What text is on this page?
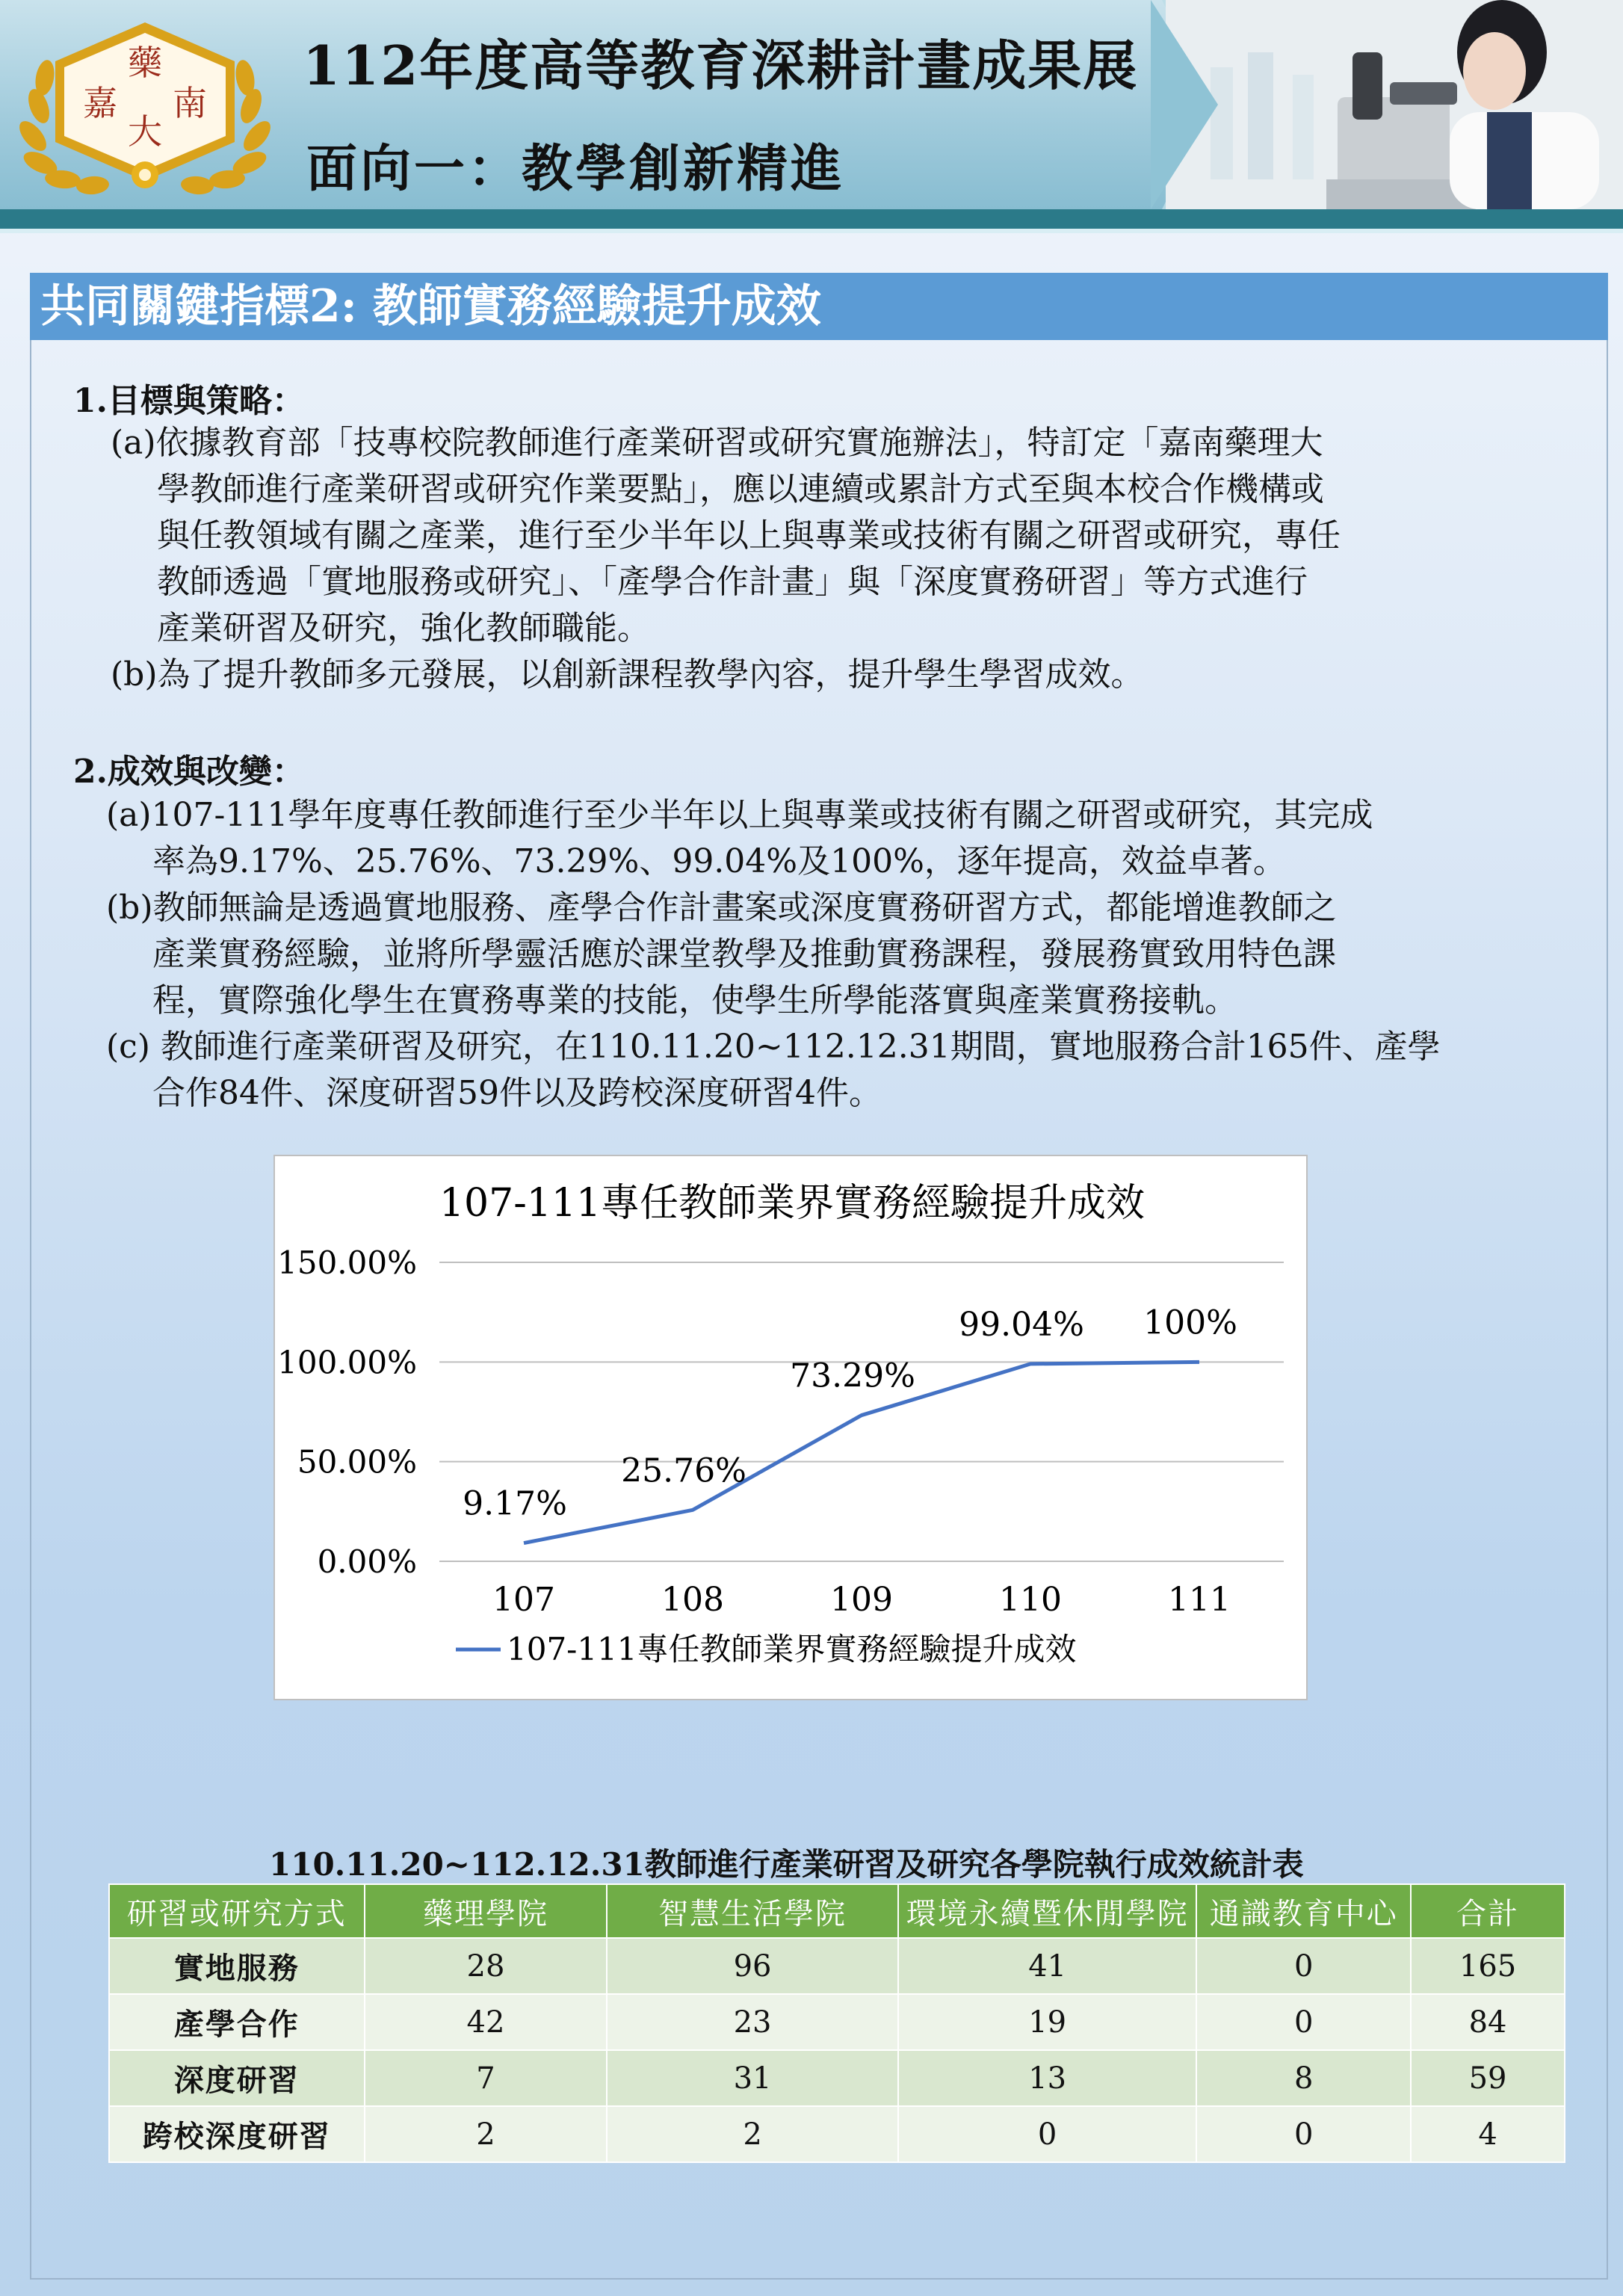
藥
嘉 南
大
112年度高等教育深耕計畫成果展
面向一：教學創新精進
共同關鍵指標2: 教師實務經驗提升成效
1.目標與策略：
(a)依據教育部「技專校院教師進行產業研習或研究實施辦法」，特訂定「嘉南藥理大
學教師進行產業研習或研究作業要點」，應以連續或累計方式至與本校合作機構或
與任教領域有關之產業，進行至少半年以上與專業或技術有關之研習或研究，專任
教師透過「實地服務或研究」、「產學合作計畫」與「深度實務研習」等方式進行
產業研習及研究，強化教師職能。
(b)為了提升教師多元發展，以創新課程教學內容，提升學生學習成效。
2.成效與改變：
(a)107-111學年度專任教師進行至少半年以上與專業或技術有關之研習或研究，其完成
率為9.17%、25.76%、73.29%、99.04%及100%，逐年提高，效益卓著。
(b)教師無論是透過實地服務、產學合作計畫案或深度實務研習方式，都能增進教師之
產業實務經驗，並將所學靈活應於課堂教學及推動實務課程，發展務實致用特色課
程，實際強化學生在實務專業的技能，使學生所學能落實與產業實務接軌。
(c) 教師進行產業研習及研究，在110.11.20~112.12.31期間，實地服務合計165件、產學
合作84件、深度研習59件以及跨校深度研習4件。
107-111專任教師業界實務經驗提升成效
0.00%
50.00%
100.00%
150.00%
107	108	109	110	111
9.17%
25.76%
73.29%
99.04% 100%
107-111專任教師業界實務經驗提升成效
110.11.20~112.12.31教師進行產業研習及研究各學院執行成效統計表
研習或研究方式	藥理學院	智慧生活學院	環境永續暨休閒學院	通識教育中心	合計
實地服務	28	96	41	0	165
產學合作	42	23	19	0	84
深度研習	7	31	13	8	59
跨校深度研習	2	2	0	0	4
